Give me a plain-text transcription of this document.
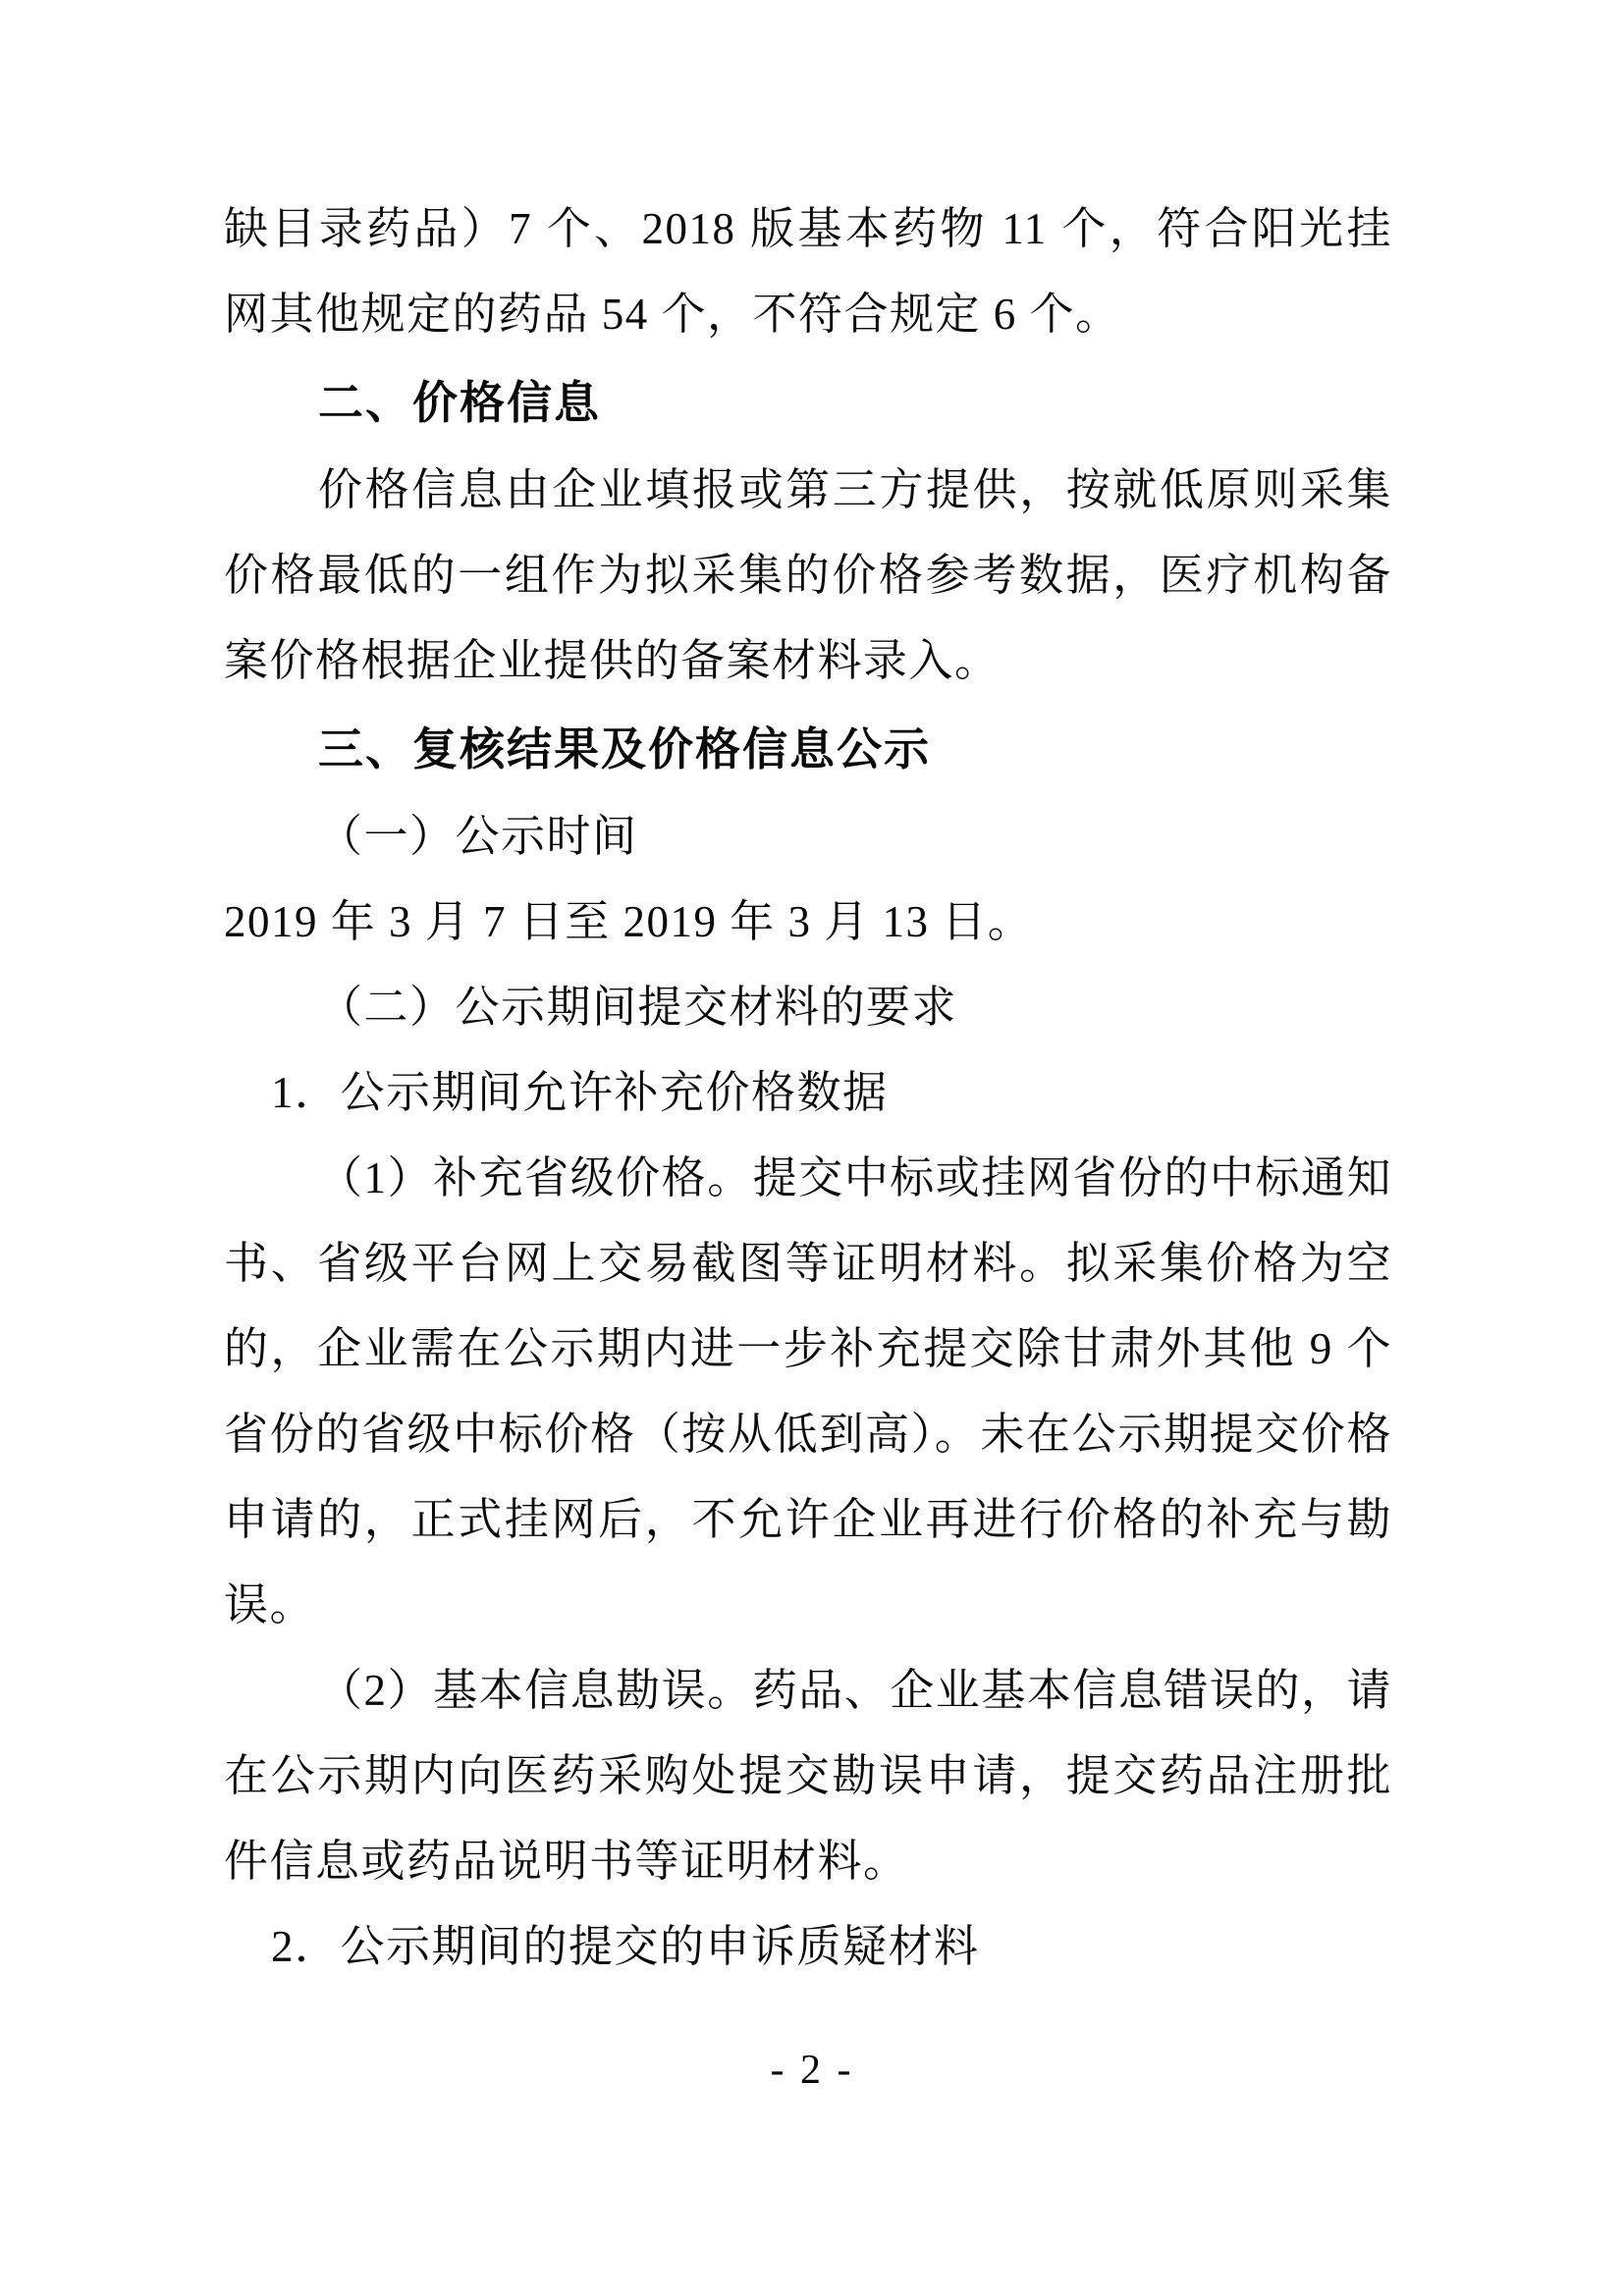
缺目录药品）7 个、2018 版基本药物 11 个，符合阳光挂网其他规定的药品 54 个，不符合规定 6 个。

二、价格信息

价格信息由企业填报或第三方提供，按就低原则采集价格最低的一组作为拟采集的价格参考数据，医疗机构备案价格根据企业提供的备案材料录入。

三、复核结果及价格信息公示

（一）公示时间

2019 年 3 月 7 日至 2019 年 3 月 13 日。

（二）公示期间提交材料的要求

1．公示期间允许补充价格数据

（1）补充省级价格。提交中标或挂网省份的中标通知书、省级平台网上交易截图等证明材料。拟采集价格为空的，企业需在公示期内进一步补充提交除甘肃外其他 9 个省份的省级中标价格（按从低到高）。未在公示期提交价格申请的，正式挂网后，不允许企业再进行价格的补充与勘误。

（2）基本信息勘误。药品、企业基本信息错误的，请在公示期内向医药采购处提交勘误申请，提交药品注册批件信息或药品说明书等证明材料。

2．公示期间的提交的申诉质疑材料

- 2 -
